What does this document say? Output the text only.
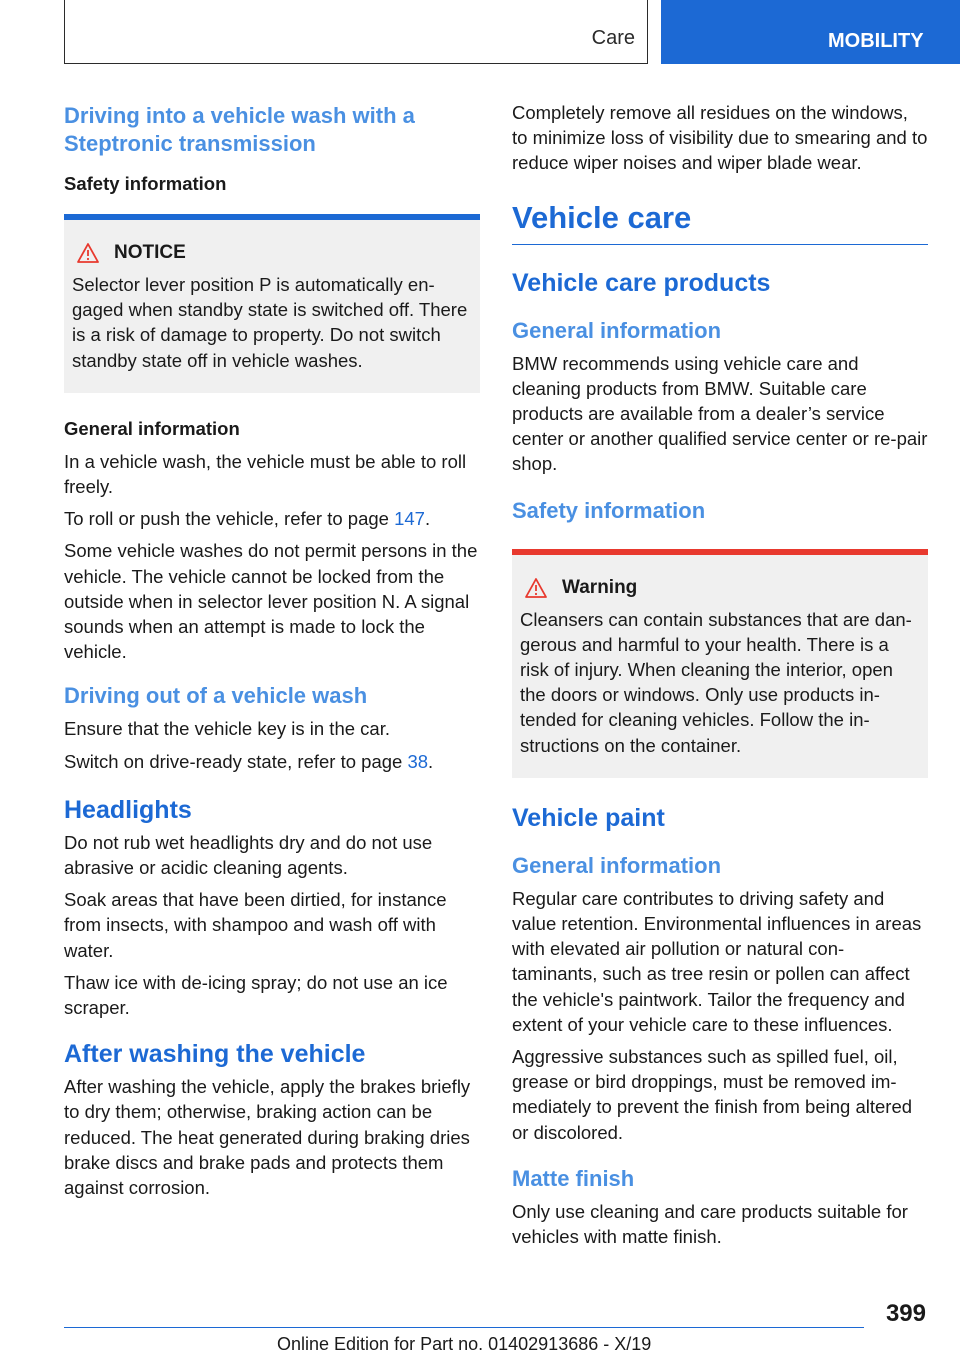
Care	MOBILITY
Driving into a vehicle wash with a Steptronic transmission
Safety information
NOTICE

Selector lever position P is automatically en-gaged when standby state is switched off. There is a risk of damage to property. Do not switch standby state off in vehicle washes.

General information

In a vehicle wash, the vehicle must be able to roll freely.

To roll or push the vehicle, refer to page 147.

Some vehicle washes do not permit persons in the vehicle. The vehicle cannot be locked from the outside when in selector lever position N. A signal sounds when an attempt is made to lock the vehicle.

Driving out of a vehicle wash

Ensure that the vehicle key is in the car.

Switch on drive-ready state, refer to page 38.

Headlights

Do not rub wet headlights dry and do not use abrasive or acidic cleaning agents.

Soak areas that have been dirtied, for instance from insects, with shampoo and wash off with water.

Thaw ice with de-icing spray; do not use an ice scraper.

After washing the vehicle

After washing the vehicle, apply the brakes briefly to dry them; otherwise, braking action can be reduced. The heat generated during braking dries brake discs and brake pads and protects them against corrosion.

Completely remove all residues on the windows, to minimize loss of visibility due to smearing and to reduce wiper noises and wiper blade wear.

Vehicle care
Vehicle care products
General information

BMW recommends using vehicle care and cleaning products from BMW. Suitable care products are available from a dealer’s service center or another qualified service center or re-pair shop.

Safety information
Warning

Cleansers can contain substances that are dan-gerous and harmful to your health. There is a risk of injury. When cleaning the interior, open the doors or windows. Only use products in-tended for cleaning vehicles. Follow the in-structions on the container.

Vehicle paint
General information

Regular care contributes to driving safety and value retention. Environmental influences in areas with elevated air pollution or natural con-taminants, such as tree resin or pollen can affect the vehicle's paintwork. Tailor the frequency and extent of your vehicle care to these influences.

Aggressive substances such as spilled fuel, oil, grease or bird droppings, must be removed im-mediately to prevent the finish from being altered or discolored.

Matte finish

Only use cleaning and care products suitable for vehicles with matte finish.

399
Online Edition for Part no. 01402913686 - X/19
